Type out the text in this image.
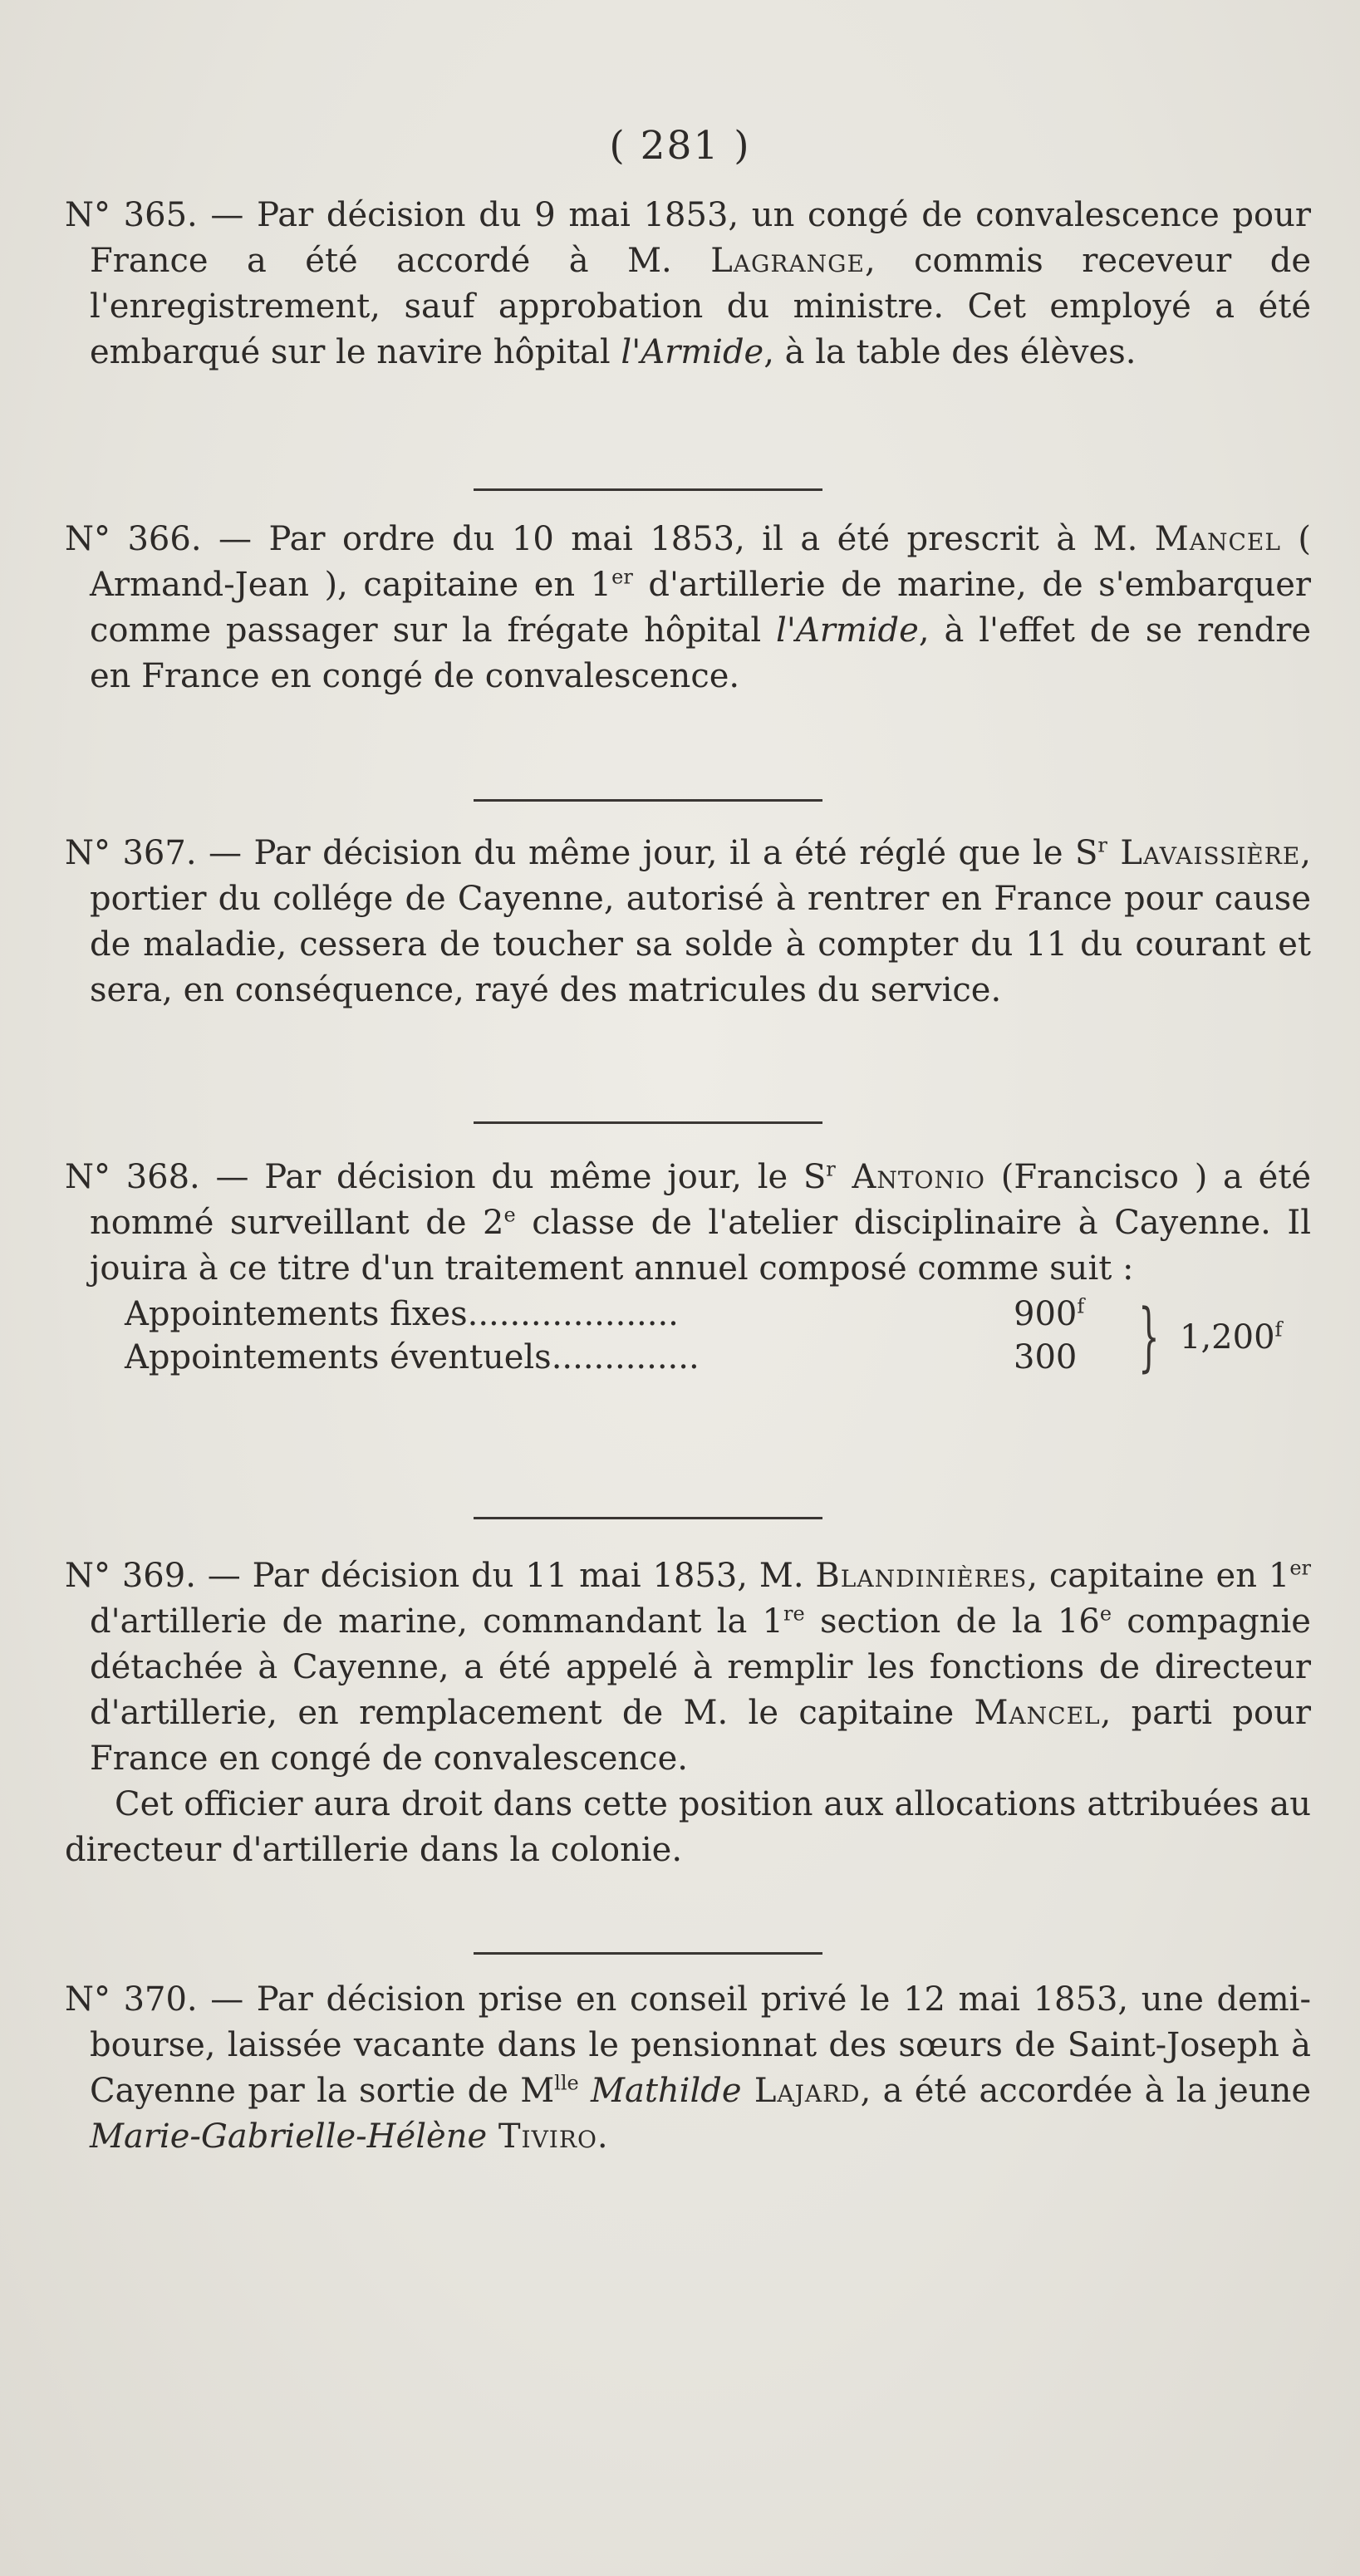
( 281 )

N° 365. — Par décision du 9 mai 1853, un congé de convalescence pour France a été accordé à M. Lagrange, commis receveur de l'enregistrement, sauf approbation du ministre. Cet employé a été embarqué sur le navire hôpital l'Armide, à la table des élèves.

N° 366. — Par ordre du 10 mai 1853, il a été prescrit à M. Mancel ( Armand-Jean ), capitaine en 1er d'artillerie de marine, de s'embarquer comme passager sur la frégate hôpital l'Armide, à l'effet de se rendre en France en congé de convalescence.

N° 367. — Par décision du même jour, il a été réglé que le $S^r$ Lavaissière, portier du collége de Cayenne, autorisé à rentrer en France pour cause de maladie, cessera de toucher sa solde à compter du 11 du courant et sera, en conséquence, rayé des matricules du service.

N° 368. — Par décision du même jour, le $S^r$ Antonio (Francisco ) a été nommé surveillant de 2e classe de l'atelier disciplinaire à Cayenne. Il jouira à ce titre d'un traitement annuel composé comme suit :

Appointements fixes....................	900$^f$
Appointements éventuels..............	300 } 1,200$^f$

N° 369. — Par décision du 11 mai 1853, M. Blandinières, capitaine en 1er d'artillerie de marine, commandant la 1re section de la 16e compagnie détachée à Cayenne, a été appelé à remplir les fonctions de directeur d'artillerie, en remplacement de M. le capitaine Mancel, parti pour France en congé de convalescence.

Cet officier aura droit dans cette position aux allocations attribuées au directeur d'artillerie dans la colonie.

N° 370. — Par décision prise en conseil privé le 12 mai 1853, une demi-bourse, laissée vacante dans le pensionnat des sœurs de Saint-Joseph à Cayenne par la sortie de $M^{lle}$ Mathilde Lajard, a été accordée à la jeune Marie-Gabrielle-Hélène Tiviro.
